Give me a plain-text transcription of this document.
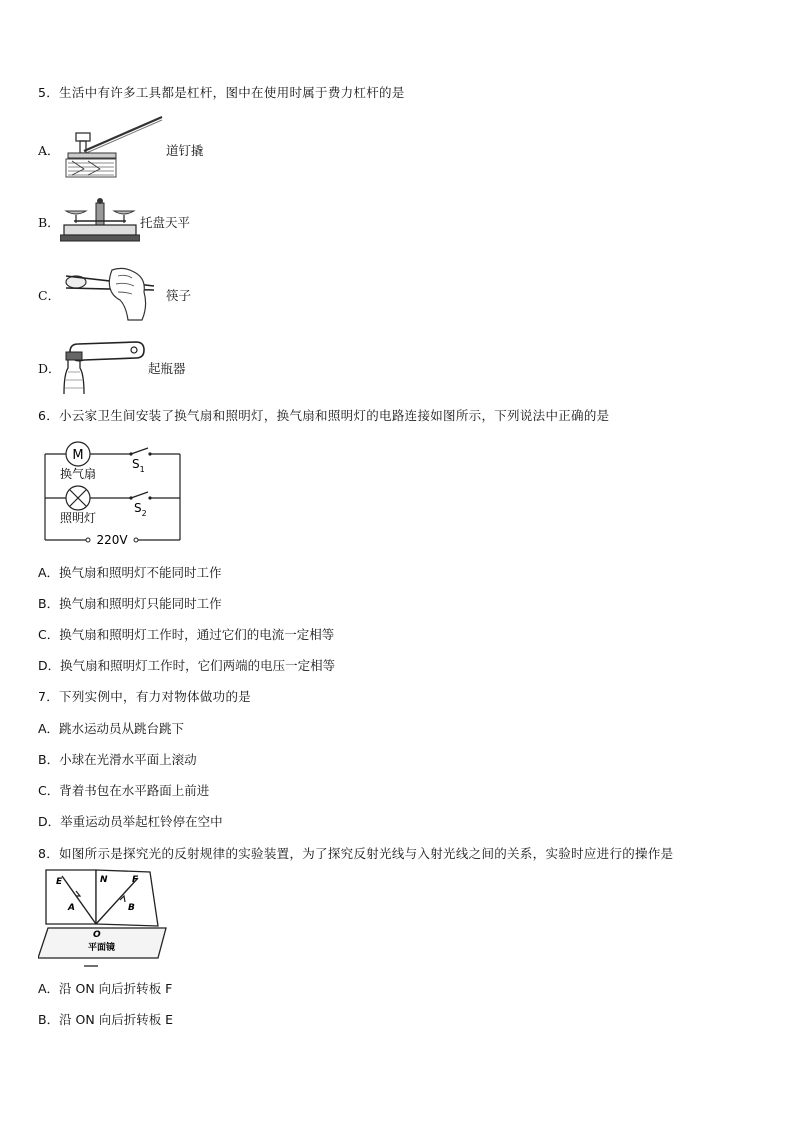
5．生活中有许多工具都是杠杆，图中在使用时属于费力杠杆的是
A．	道钉撬
B．	托盘天平
C．	筷子
D．	起瓶器
6．小云家卫生间安装了换气扇和照明灯，换气扇和照明灯的电路连接如图所示，下列说法中正确的是
M
换气扇
照明灯
$S_1$
$S_2$
220V
A．换气扇和照明灯不能同时工作
B．换气扇和照明灯只能同时工作
C．换气扇和照明灯工作时，通过它们的电流一定相等
D．换气扇和照明灯工作时，它们两端的电压一定相等
7．下列实例中，有力对物体做功的是
A．跳水运动员从跳台跳下
B．小球在光滑水平面上滚动
C．背着书包在水平路面上前进
D．举重运动员举起杠铃停在空中
8．如图所示是探究光的反射规律的实验装置，为了探究反射光线与入射光线之间的关系，实验时应进行的操作是
E	N	F
A	B
O
平面镜
A．沿 ON 向后折转板 F
B．沿 ON 向后折转板 E
